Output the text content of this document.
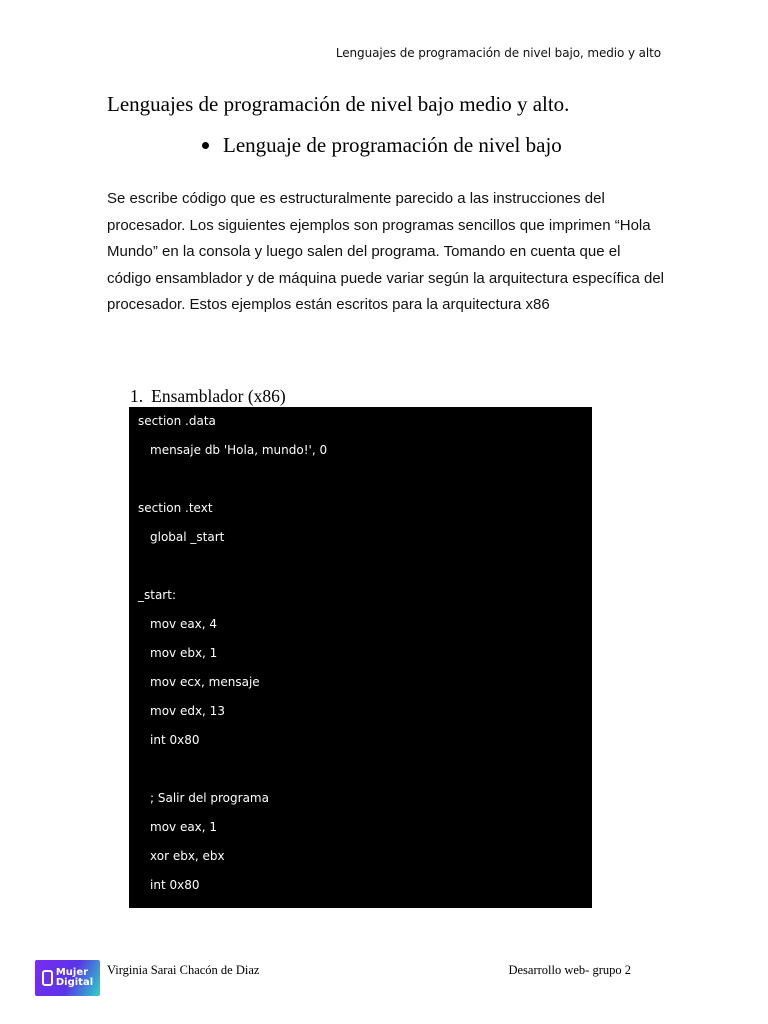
Lenguajes de programación de nivel bajo, medio y alto
Lenguajes de programación de nivel bajo medio y alto.
Lenguaje de programación de nivel bajo
Se escribe código que es estructuralmente parecido a las instrucciones del procesador. Los siguientes ejemplos son programas sencillos que imprimen “Hola Mundo” en la consola y luego salen del programa. Tomando en cuenta que el código ensamblador y de máquina puede variar según la arquitectura específica del procesador. Estos ejemplos están escritos para la arquitectura x86
1. Ensamblador (x86)
section .data
mensaje db 'Hola, mundo!', 0
section .text
global _start
_start:
mov eax, 4
mov ebx, 1
mov ecx, mensaje
mov edx, 13
int 0x80
; Salir del programa
mov eax, 1
xor ebx, ebx
int 0x80
Mujer
Digital
Virginia Sarai Chacón de Diaz	Desarrollo web- grupo 2
